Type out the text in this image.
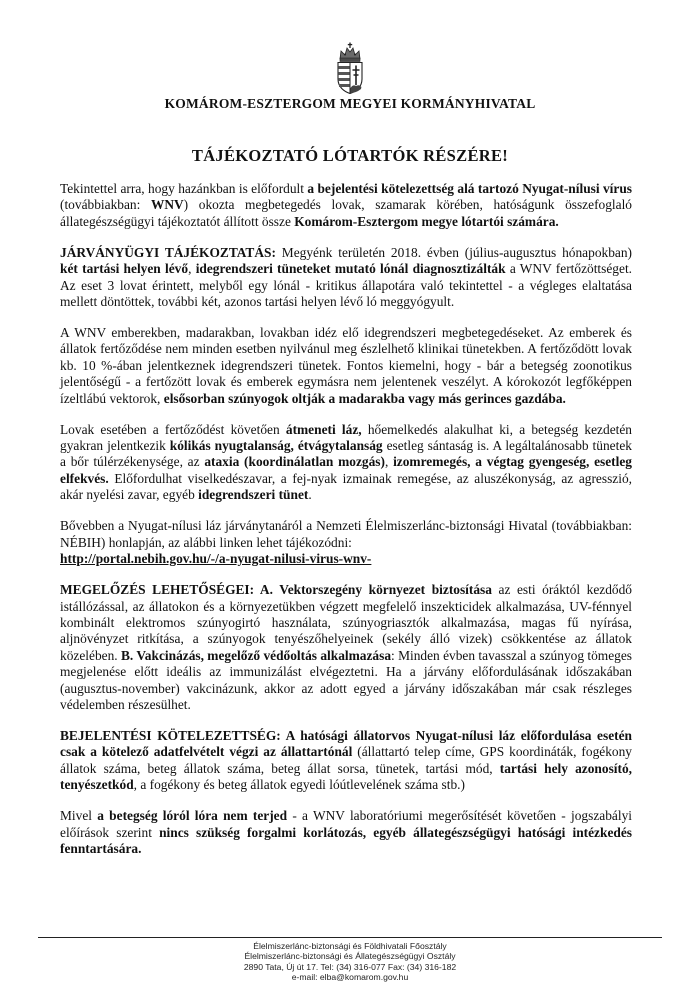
KOMÁROM-ESZTERGOM MEGYEI KORMÁNYHIVATAL
TÁJÉKOZTATÓ LÓTARTÓK RÉSZÉRE!

Tekintettel arra, hogy hazánkban is előfordult a bejelentési kötelezettség alá tartozó Nyugat-nílusi vírus (továbbiakban: WNV) okozta megbetegedés lovak, szamarak körében, hatóságunk összefoglaló állategészségügyi tájékoztatót állított össze Komárom-Esztergom megye lótartói számára.

JÁRVÁNYÜGYI TÁJÉKOZTATÁS: Megyénk területén 2018. évben (július-augusztus hónapokban) két tartási helyen lévő, idegrendszeri tüneteket mutató lónál diagnosztizálták a WNV fertőzöttséget. Az eset 3 lovat érintett, melyből egy lónál - kritikus állapotára való tekintettel - a végleges elaltatása mellett döntöttek, további két, azonos tartási helyen lévő ló meggyógyult.

A WNV emberekben, madarakban, lovakban idéz elő idegrendszeri megbetegedéseket. Az emberek és állatok fertőződése nem minden esetben nyilvánul meg észlelhető klinikai tünetekben. A fertőződött lovak kb. 10 %-ában jelentkeznek idegrendszeri tünetek. Fontos kiemelni, hogy - bár a betegség zoonotikus jelentőségű - a fertőzött lovak és emberek egymásra nem jelentenek veszélyt. A kórokozót legfőképpen ízeltlábú vektorok, elsősorban szúnyogok oltják a madarakba vagy más gerinces gazdába.

Lovak esetében a fertőződést követően átmeneti láz, hőemelkedés alakulhat ki, a betegség kezdetén gyakran jelentkezik kólikás nyugtalanság, étvágytalanság esetleg sántaság is. A legáltalánosabb tünetek a bőr túlérzékenysége, az ataxia (koordinálatlan mozgás), izomremegés, a végtag gyengeség, esetleg elfekvés. Előfordulhat viselkedészavar, a fej-nyak izmainak remegése, az aluszékonyság, az agresszió, akár nyelési zavar, egyéb idegrendszeri tünet.

Bővebben a Nyugat-nílusi láz járványtanáról a Nemzeti Élelmiszerlánc-biztonsági Hivatal (továbbiakban: NÉBIH) honlapján, az alábbi linken lehet tájékozódni:
http://portal.nebih.gov.hu/-/a-nyugat-nilusi-virus-wnv-

MEGELŐZÉS LEHETŐSÉGEI: A. Vektorszegény környezet biztosítása az esti óráktól kezdődő istállózással, az állatokon és a környezetükben végzett megfelelő inszekticidek alkalmazása, UV-fénnyel kombinált elektromos szúnyogirtó használata, szúnyogriasztók alkalmazása, magas fű nyírása, aljnövényzet ritkítása, a szúnyogok tenyészőhelyeinek (sekély álló vizek) csökkentése az állatok közelében. B. Vakcinázás, megelőző védőoltás alkalmazása: Minden évben tavasszal a szúnyog tömeges megjelenése előtt ideális az immunizálást elvégeztetni. Ha a járvány előfordulásának időszakában (augusztus-november) vakcinázunk, akkor az adott egyed a járvány időszakában már csak részleges védelemben részesülhet.

BEJELENTÉSI KÖTELEZETTSÉG: A hatósági állatorvos Nyugat-nílusi láz előfordulása esetén csak a kötelező adatfelvételt végzi az állattartónál (állattartó telep címe, GPS koordináták, fogékony állatok száma, beteg állatok száma, beteg állat sorsa, tünetek, tartási mód, tartási hely azonosító, tenyészetkód, a fogékony és beteg állatok egyedi lóútlevelének száma stb.)

Mivel a betegség lóról lóra nem terjed - a WNV laboratóriumi megerősítését követően - jogszabályi előírások szerint nincs szükség forgalmi korlátozás, egyéb állategészségügyi hatósági intézkedés fenntartására.

Élelmiszerlánc-biztonsági és Földhivatali Főosztály
Élelmiszerlánc-biztonsági és Állategészségügyi Osztály
2890 Tata, Új út 17. Tel: (34) 316-077 Fax: (34) 316-182
e-mail: elba@komarom.gov.hu
